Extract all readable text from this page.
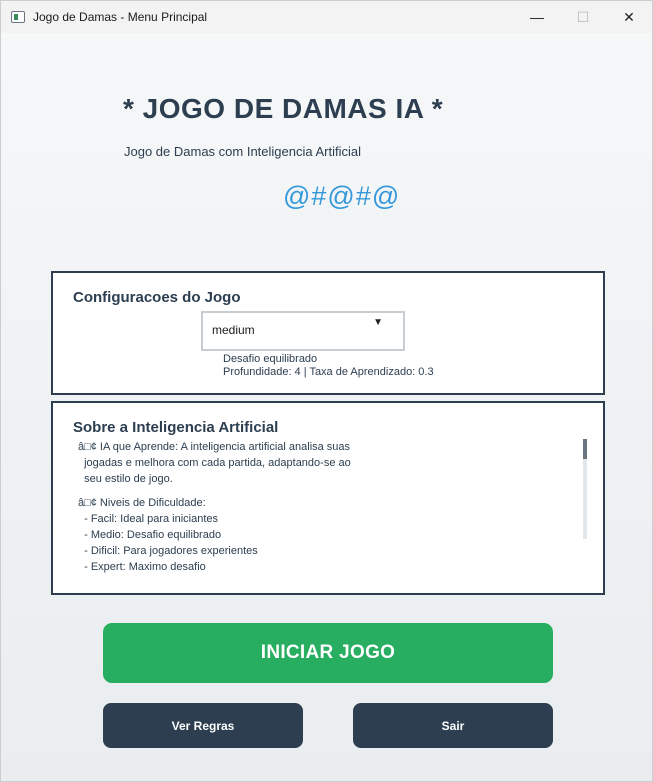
Jogo de Damas - Menu Principal	—	☐	✕
* JOGO DE DAMAS IA *
Jogo de Damas com Inteligencia Artificial
@#@#@
Configuracoes do Jogo
medium
▼
Desafio equilibrado
Profundidade: 4 | Taxa de Aprendizado: 0.3
Sobre a Inteligencia Artificial
â□¢ IA que Aprende: A inteligencia artificial analisa suas
jogadas e melhora com cada partida, adaptando-se ao
seu estilo de jogo.
â□¢ Niveis de Dificuldade:
- Facil: Ideal para iniciantes
- Medio: Desafio equilibrado
- Dificil: Para jogadores experientes
- Expert: Maximo desafio
INICIAR JOGO
Ver Regras	Sair
